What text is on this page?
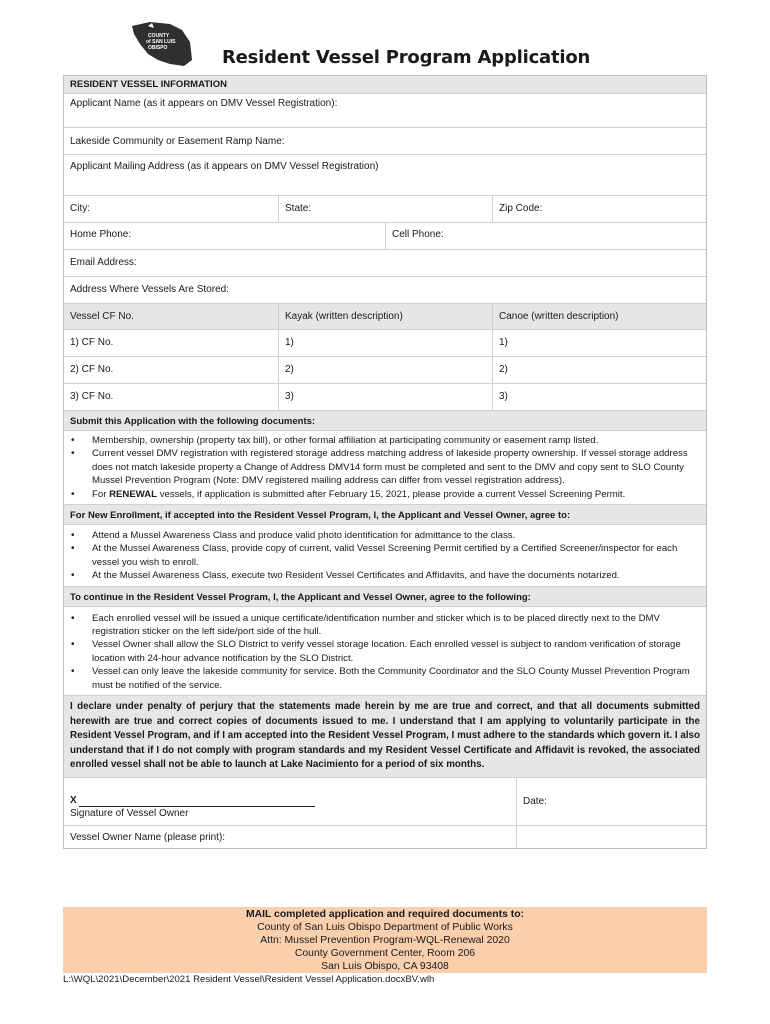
COUNTY
of SAN LUIS
OBISPO	Resident Vessel Program Application
RESIDENT VESSEL INFORMATION
Applicant Name (as it appears on DMV Vessel Registration):
Lakeside Community or Easement Ramp Name:
Applicant Mailing Address (as it appears on DMV Vessel Registration)
City:	State:	Zip Code:
Home Phone:	Cell Phone:
Email Address:
Address Where Vessels Are Stored:
Vessel CF No.	Kayak (written description)	Canoe (written description)
1) CF No.	1)	1)
2) CF No.	2)	2)
3) CF No.	3)	3)
Submit this Application with the following documents:
• Membership, ownership (property tax bill), or other formal affiliation at participating community or easement ramp listed.
• Current vessel DMV registration with registered storage address matching address of lakeside property ownership. If vessel storage address does not match lakeside property a Change of Address DMV14 form must be completed and sent to the DMV and copy sent to SLO County Mussel Prevention Program (Note: DMV registered mailing address can differ from vessel registration address).
• For RENEWAL vessels, if application is submitted after February 15, 2021, please provide a current Vessel Screening Permit.
For New Enrollment, if accepted into the Resident Vessel Program, I, the Applicant and Vessel Owner, agree to:
• Attend a Mussel Awareness Class and produce valid photo identification for admittance to the class.
• At the Mussel Awareness Class, provide copy of current, valid Vessel Screening Permit certified by a Certified Screener/inspector for each vessel you wish to enroll.
• At the Mussel Awareness Class, execute two Resident Vessel Certificates and Affidavits, and have the documents notarized.
To continue in the Resident Vessel Program, I, the Applicant and Vessel Owner, agree to the following:
• Each enrolled vessel will be issued a unique certificate/identification number and sticker which is to be placed directly next to the DMV registration sticker on the left side/port side of the hull.
• Vessel Owner shall allow the SLO District to verify vessel storage location. Each enrolled vessel is subject to random verification of storage location with 24-hour advance notification by the SLO District.
• Vessel can only leave the lakeside community for service. Both the Community Coordinator and the SLO County Mussel Prevention Program must be notified of the service.
I declare under penalty of perjury that the statements made herein by me are true and correct, and that all documents submitted herewith are true and correct copies of documents issued to me. I understand that I am applying to voluntarily participate in the Resident Vessel Program, and if I am accepted into the Resident Vessel Program, I must adhere to the standards which govern it. I also understand that if I do not comply with program standards and my Resident Vessel Certificate and Affidavit is revoked, the associated enrolled vessel shall not be able to launch at Lake Nacimiento for a period of six months.
X
Signature of Vessel Owner
Date:
Vessel Owner Name (please print):
MAIL completed application and required documents to:
County of San Luis Obispo Department of Public Works
Attn: Mussel Prevention Program-WQL-Renewal 2020
County Government Center, Room 206
San Luis Obispo, CA 93408
L:\WQL\2021\December\2021 Resident Vessel\Resident Vessel Application.docxBV.wlh
